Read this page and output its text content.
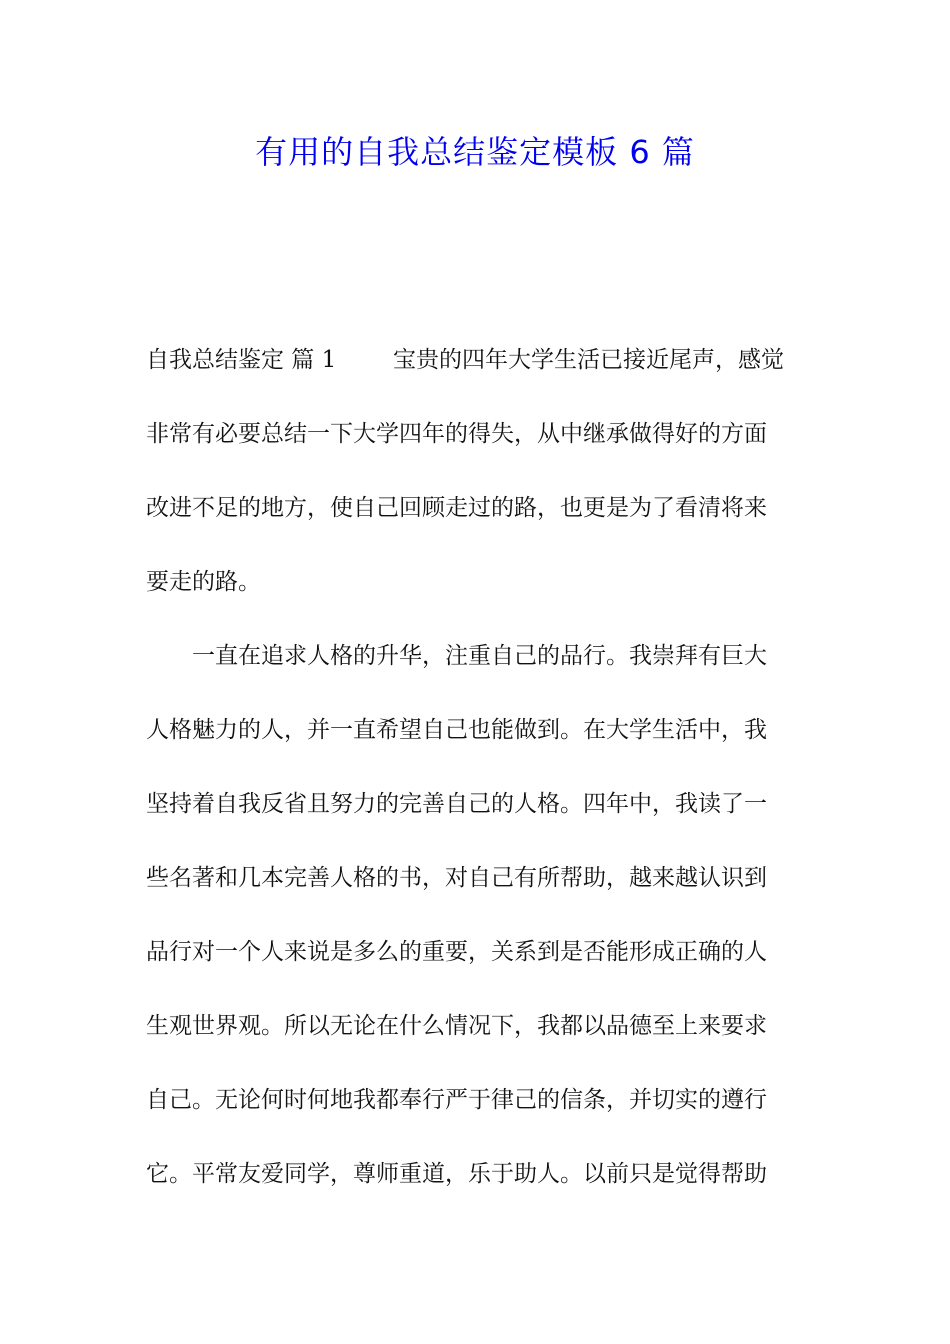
有用的自我总结鉴定模板 6 篇

自我总结鉴定 篇 1 宝贵的四年大学生活已接近尾声，感觉

非常有必要总结一下大学四年的得失，从中继承做得好的方面

改进不足的地方，使自己回顾走过的路，也更是为了看清将来

要走的路。

一直在追求人格的升华，注重自己的品行。我崇拜有巨大

人格魅力的人，并一直希望自己也能做到。在大学生活中，我

坚持着自我反省且努力的完善自己的人格。四年中，我读了一

些名著和几本完善人格的书，对自己有所帮助，越来越认识到

品行对一个人来说是多么的重要，关系到是否能形成正确的人

生观世界观。所以无论在什么情况下，我都以品德至上来要求

自己。无论何时何地我都奉行严于律己的信条，并切实的遵行

它。平常友爱同学，尊师重道，乐于助人。以前只是觉得帮助
